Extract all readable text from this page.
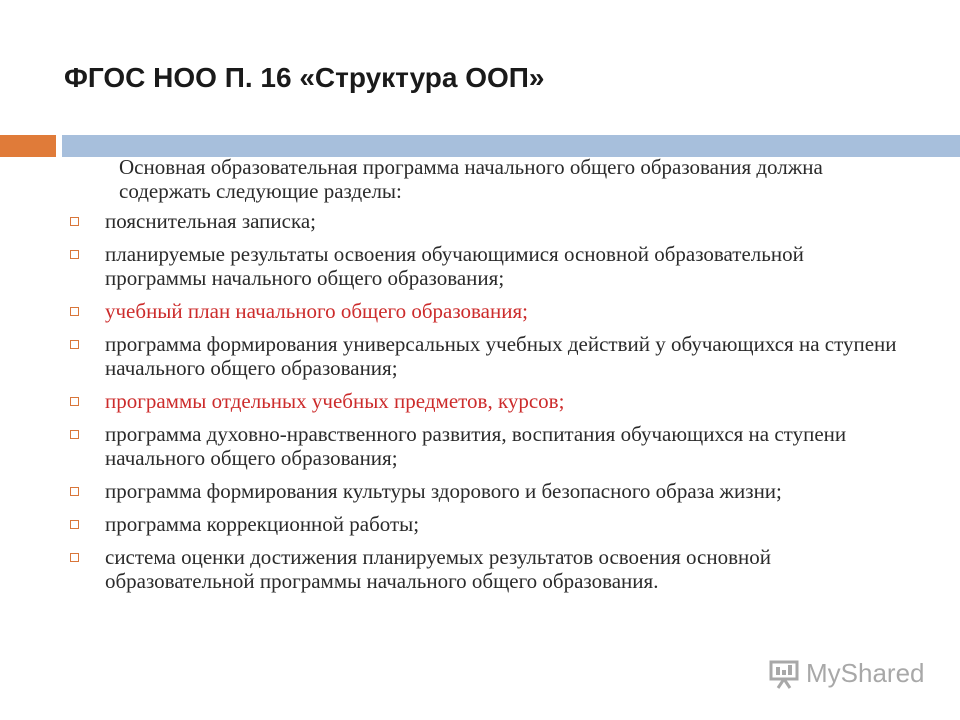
ФГОС НОО П. 16 «Структура ООП»

Основная образовательная программа начального общего образования должна содержать следующие разделы:

пояснительная записка;
планируемые результаты освоения обучающимися основной образовательной программы начального общего образования;
учебный план начального общего образования;
программа формирования универсальных учебных действий у обучающихся на ступени начального общего образования;
программы отдельных учебных предметов, курсов;
программа духовно-нравственного развития, воспитания обучающихся на ступени начального общего образования;
программа формирования культуры здорового и безопасного образа жизни;
программа коррекционной работы;
система оценки достижения планируемых результатов освоения основной образовательной программы начального общего образования.
MyShared
